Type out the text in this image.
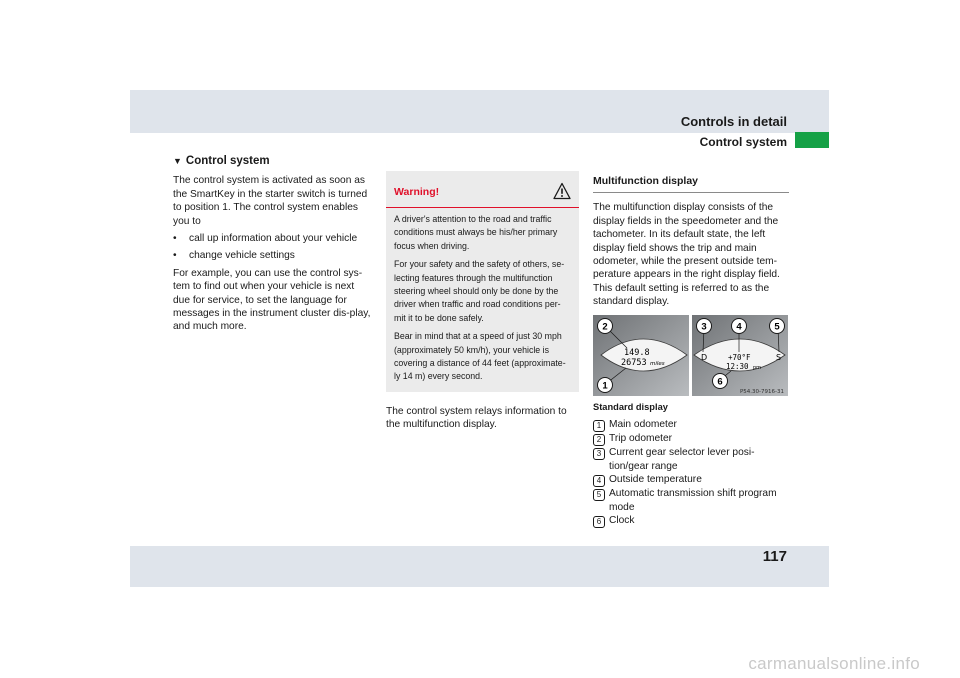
Controls in detail
Control system
▼ Control system

The control system is activated as soon as the SmartKey in the starter switch is turned to position 1. The control system enables you to

•	call up information about your vehicle
•	change vehicle settings

For example, you can use the control sys-tem to find out when your vehicle is next due for service, to set the language for messages in the instrument cluster dis-play, and much more.

Warning!

A driver's attention to the road and traffic conditions must always be his/her primary focus when driving.

For your safety and the safety of others, se-lecting features through the multifunction steering wheel should only be done by the driver when traffic and road conditions per-mit it to be done safely.

Bear in mind that at a speed of just 30 mph (approximately 50 km/h), your vehicle is covering a distance of 44 feet (approximate-ly 14 m) every second.

The control system relays information to the multifunction display.

Multifunction display

The multifunction display consists of the display fields in the speedometer and the tachometer. In its default state, the left display field shows the trip and main odometer, while the present outside tem-perature appears in the right display field. This default setting is referred to as the standard display.

149.8
26753 miles
D	+70°F
12:30 pm
S
1
2	3	4	5
6
P54.30-7916-31
Standard display
1 Main odometer
2 Trip odometer
3 Current gear selector lever posi-tion/gear range
4 Outside temperature
5 Automatic transmission shift program mode
6 Clock
117
carmanualsonline.info
